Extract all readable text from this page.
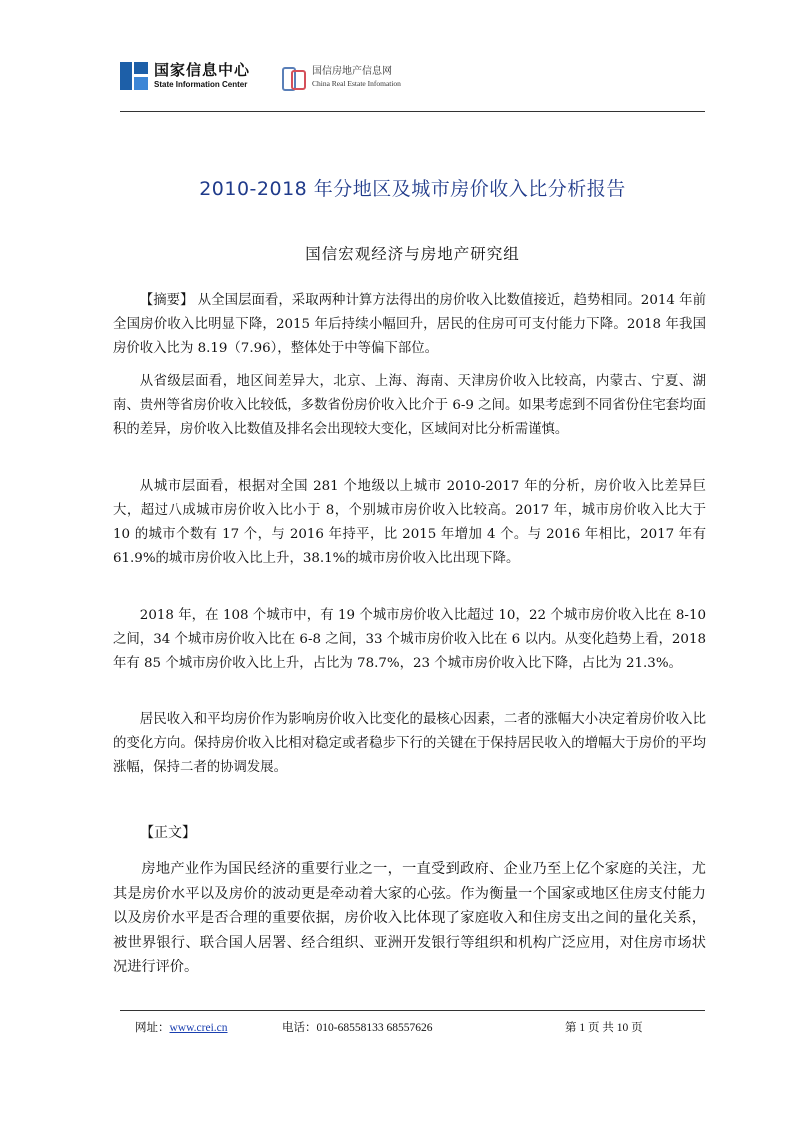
国家信息中心
State Information Center
国信房地产信息网
China Real Estate Infomation
2010-2018 年分地区及城市房价收入比分析报告
国信宏观经济与房地产研究组
【摘要】 从全国层面看，采取两种计算方法得出的房价收入比数值接近，趋势相同。2014 年前全国房价收入比明显下降，2015 年后持续小幅回升，居民的住房可可支付能力下降。2018 年我国房价收入比为 8.19（7.96），整体处于中等偏下部位。
从省级层面看，地区间差异大，北京、上海、海南、天津房价收入比较高，内蒙古、宁夏、湖南、贵州等省房价收入比较低，多数省份房价收入比介于 6-9 之间。如果考虑到不同省份住宅套均面积的差异，房价收入比数值及排名会出现较大变化，区域间对比分析需谨慎。
从城市层面看，根据对全国 281 个地级以上城市 2010-2017 年的分析，房价收入比差异巨大，超过八成城市房价收入比小于 8，个别城市房价收入比较高。2017 年，城市房价收入比大于 10 的城市个数有 17 个，与 2016 年持平，比 2015 年增加 4 个。与 2016 年相比，2017 年有 61.9%的城市房价收入比上升，38.1%的城市房价收入比出现下降。
2018 年，在 108 个城市中，有 19 个城市房价收入比超过 10，22 个城市房价收入比在 8-10 之间，34 个城市房价收入比在 6-8 之间，33 个城市房价收入比在 6 以内。从变化趋势上看，2018 年有 85 个城市房价收入比上升，占比为 78.7%，23 个城市房价收入比下降，占比为 21.3%。
居民收入和平均房价作为影响房价收入比变化的最核心因素，二者的涨幅大小决定着房价收入比的变化方向。保持房价收入比相对稳定或者稳步下行的关键在于保持居民收入的增幅大于房价的平均涨幅，保持二者的协调发展。
【正文】
房地产业作为国民经济的重要行业之一，一直受到政府、企业乃至上亿个家庭的关注，尤其是房价水平以及房价的波动更是牵动着大家的心弦。作为衡量一个国家或地区住房支付能力以及房价水平是否合理的重要依据，房价收入比体现了家庭收入和住房支出之间的量化关系，被世界银行、联合国人居署、经合组织、亚洲开发银行等组织和机构广泛应用，对住房市场状况进行评价。
网址：www.crei.cn	电话：010-68558133 68557626	第 1 页 共 10 页
